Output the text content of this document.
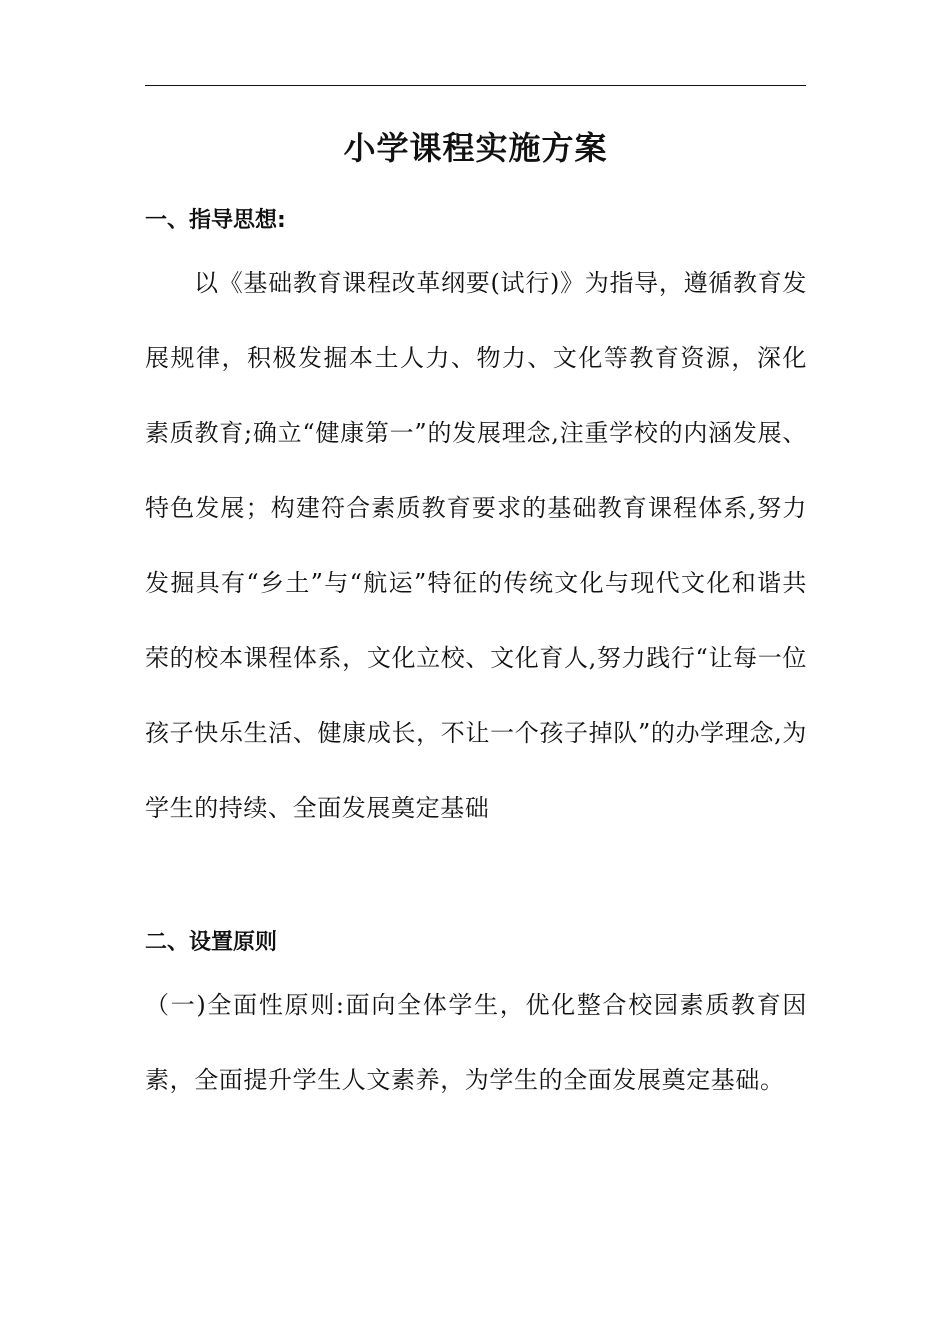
小学课程实施方案
一、指导思想:

以《基础教育课程改革纲要(试行)》为指导，遵循教育发展规律，积极发掘本土人力、物力、文化等教育资源，深化素质教育;确立“健康第一”的发展理念,注重学校的内涵发展、特色发展；构建符合素质教育要求的基础教育课程体系,努力发掘具有“乡土”与“航运”特征的传统文化与现代文化和谐共荣的校本课程体系，文化立校、文化育人,努力践行“让每一位孩子快乐生活、健康成长，不让一个孩子掉队”的办学理念,为学生的持续、全面发展奠定基础

二、设置原则

（一)全面性原则:面向全体学生，优化整合校园素质教育因素，全面提升学生人文素养，为学生的全面发展奠定基础。
